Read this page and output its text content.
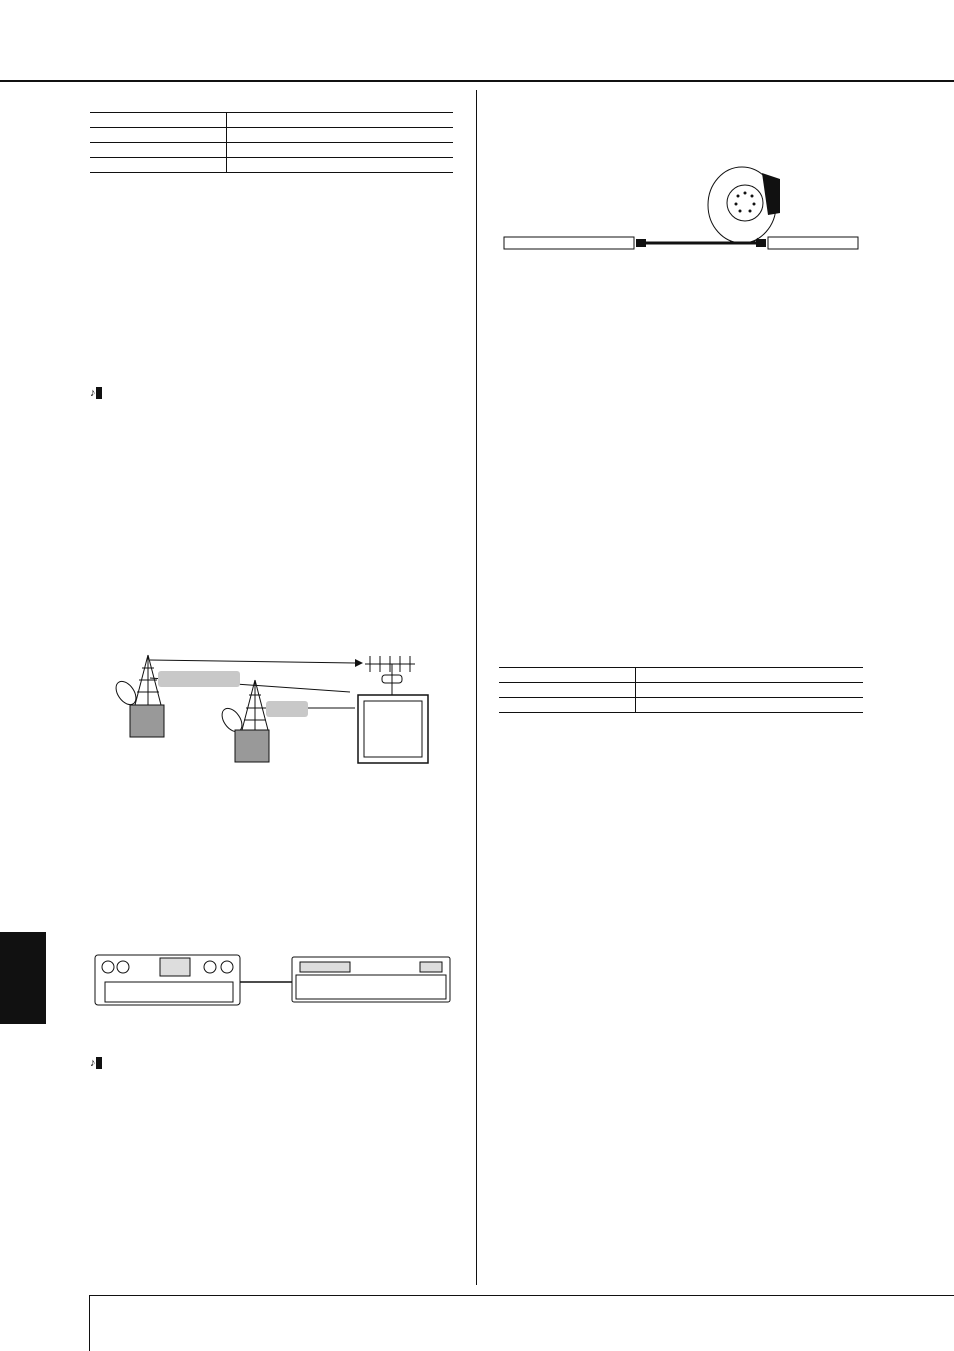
♪
♪
